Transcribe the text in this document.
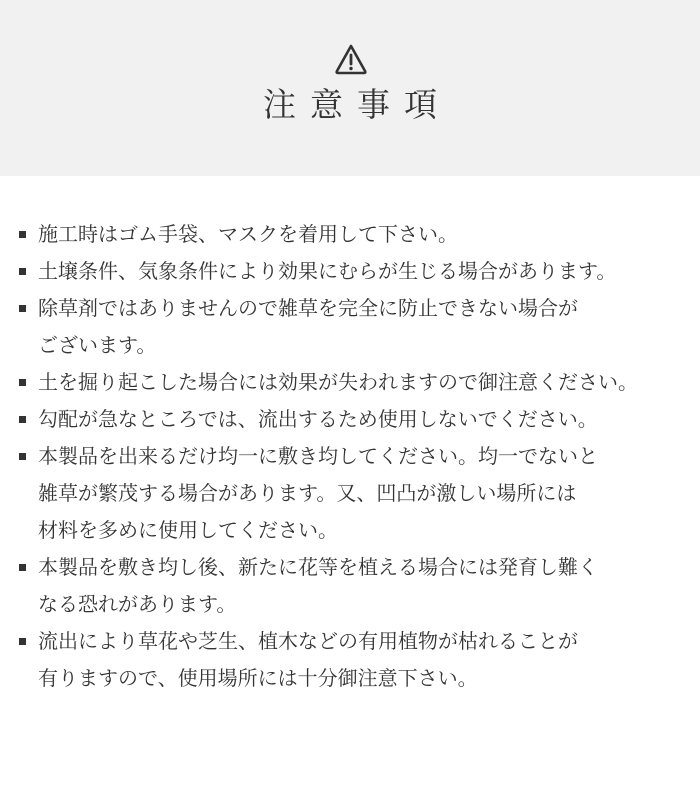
注意事項
施工時はゴム手袋、マスクを着用して下さい。
土壌条件、気象条件により効果にむらが生じる場合があります。
除草剤ではありませんので雑草を完全に防止できない場合が
ございます。
土を掘り起こした場合には効果が失われますので御注意ください。
勾配が急なところでは、流出するため使用しないでください。
本製品を出来るだけ均一に敷き均してください。均一でないと
雑草が繁茂する場合があります。又、凹凸が激しい場所には
材料を多めに使用してください。
本製品を敷き均し後、新たに花等を植える場合には発育し難く
なる恐れがあります。
流出により草花や芝生、植木などの有用植物が枯れることが
有りますので、使用場所には十分御注意下さい。
